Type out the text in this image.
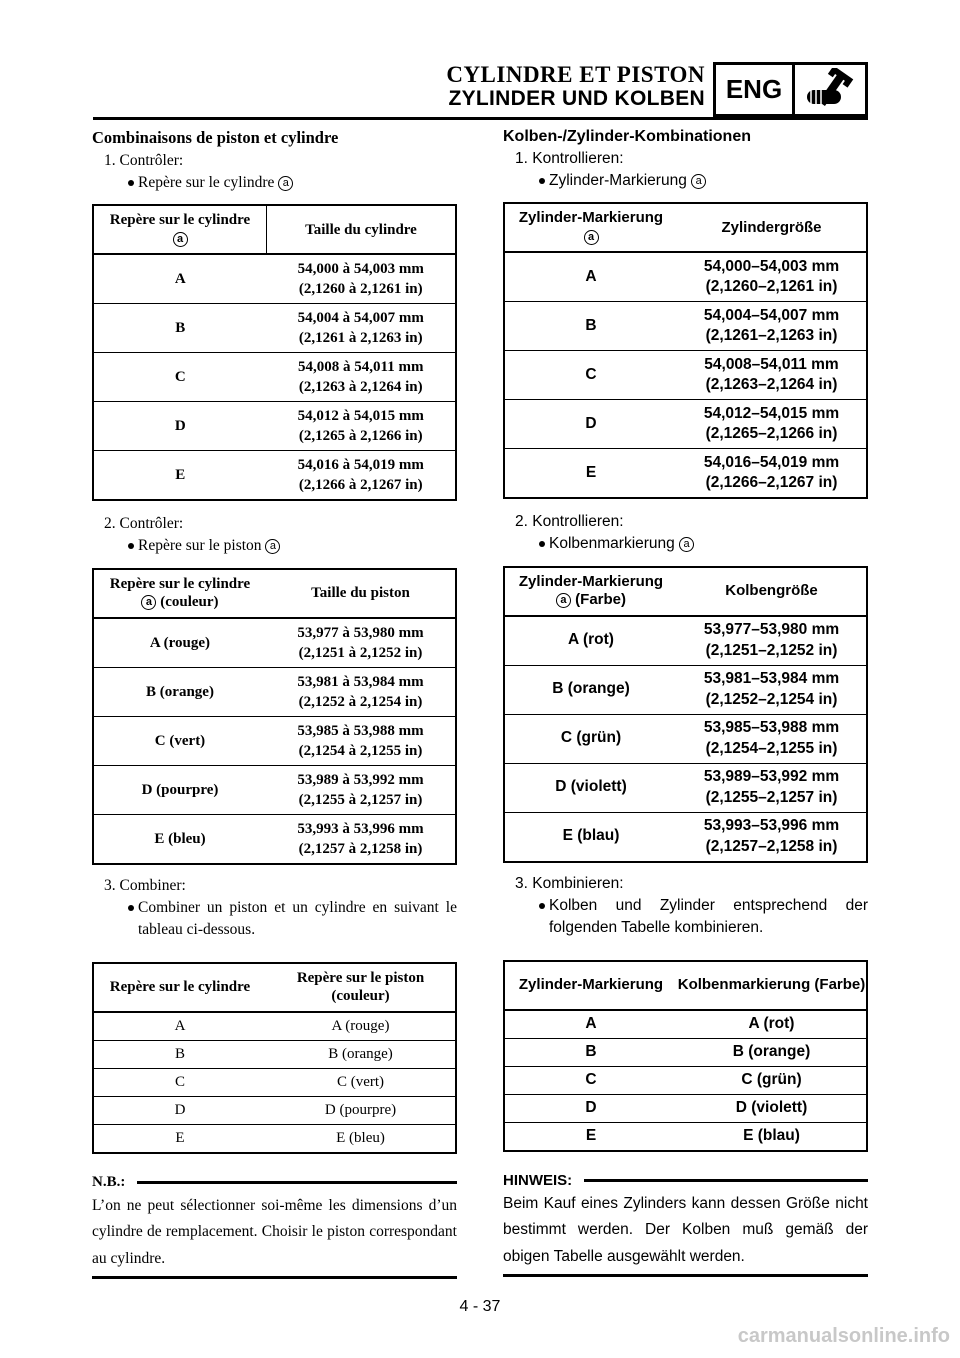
CYLINDRE ET PISTON
ZYLINDER UND KOLBEN ENG
Combinaisons de piston et cylindre
1. Contrôler:
Repère sur le cylindre a
Repère sur le cylindre
a	Taille du cylindre
A	54,000 à 54,003 mm
(2,1260 à 2,1261 in)
B	54,004 à 54,007 mm
(2,1261 à 2,1263 in)
C	54,008 à 54,011 mm
(2,1263 à 2,1264 in)
D	54,012 à 54,015 mm
(2,1265 à 2,1266 in)
E	54,016 à 54,019 mm
(2,1266 à 2,1267 in)
2. Contrôler:
Repère sur le piston a
Repère sur le cylindre
a (couleur)	Taille du piston
A (rouge)	53,977 à 53,980 mm
(2,1251 à 2,1252 in)
B (orange)	53,981 à 53,984 mm
(2,1252 à 2,1254 in)
C (vert)	53,985 à 53,988 mm
(2,1254 à 2,1255 in)
D (pourpre)	53,989 à 53,992 mm
(2,1255 à 2,1257 in)
E (bleu)	53,993 à 53,996 mm
(2,1257 à 2,1258 in)
3. Combiner:
Combiner un piston et un cylindre en suivant le tableau ci-dessous.
Repère sur le cylindre	Repère sur le piston (couleur)
A	A (rouge)
B	B (orange)
C	C (vert)
D	D (pourpre)
E	E (bleu)
N.B.:

L’on ne peut sélectionner soi-même les dimensions d’un cylindre de remplacement. Choisir le piston correspondant au cylindre.

Kolben-/Zylinder-Kombinationen
1. Kontrollieren:
Zylinder-Markierung a
Zylinder-Markierung
a	Zylindergröße
A	54,000–54,003 mm
(2,1260–2,1261 in)
B	54,004–54,007 mm
(2,1261–2,1263 in)
C	54,008–54,011 mm
(2,1263–2,1264 in)
D	54,012–54,015 mm
(2,1265–2,1266 in)
E	54,016–54,019 mm
(2,1266–2,1267 in)
2. Kontrollieren:
Kolbenmarkierung a
Zylinder-Markierung
a (Farbe)	Kolbengröße
A (rot)	53,977–53,980 mm
(2,1251–2,1252 in)
B (orange)	53,981–53,984 mm
(2,1252–2,1254 in)
C (grün)	53,985–53,988 mm
(2,1254–2,1255 in)
D (violett)	53,989–53,992 mm
(2,1255–2,1257 in)
E (blau)	53,993–53,996 mm
(2,1257–2,1258 in)
3. Kombinieren:
Kolben und Zylinder entsprechend der folgenden Tabelle kombinieren.
Zylinder-Markierung	Kolbenmarkierung (Farbe)
A	A (rot)
B	B (orange)
C	C (grün)
D	D (violett)
E	E (blau)
HINWEIS:

Beim Kauf eines Zylinders kann dessen Größe nicht bestimmt werden. Der Kolben muß gemäß der obigen Tabelle ausgewählt werden.

4 - 37
carmanualsonline.info
